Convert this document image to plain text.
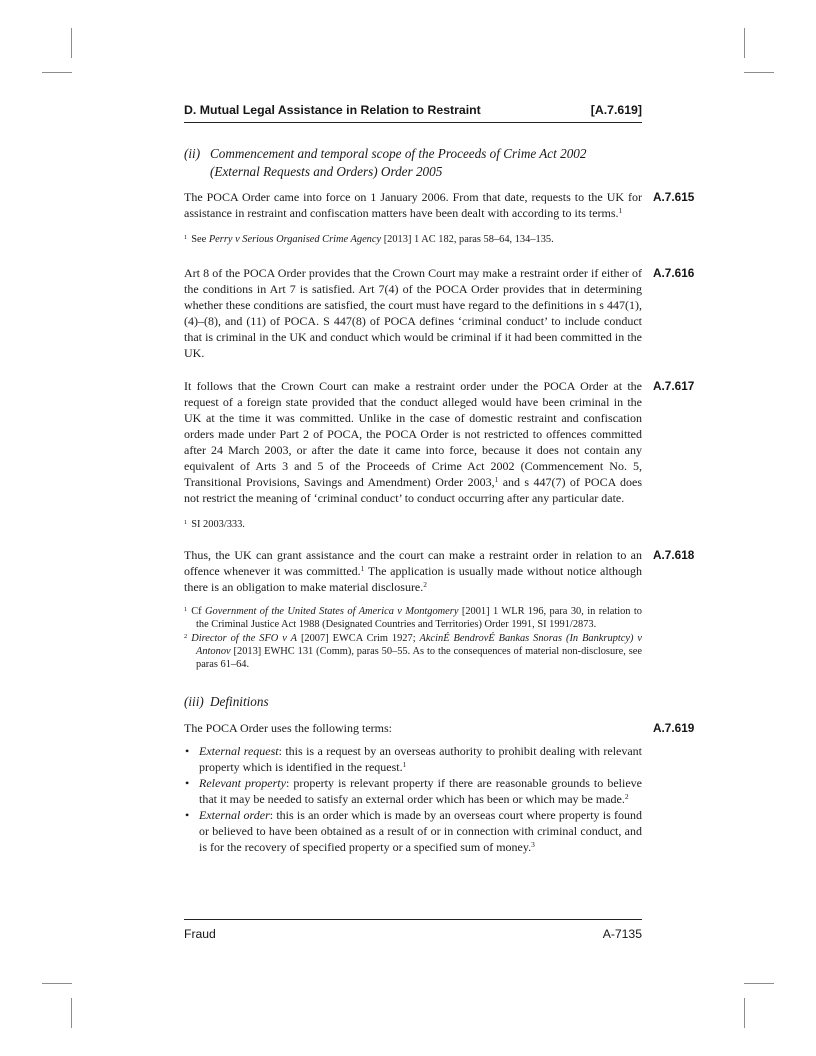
D. Mutual Legal Assistance in Relation to Restraint	[A.7.619]
(ii) Commencement and temporal scope of the Proceeds of Crime Act 2002
(External Requests and Orders) Order 2005
A.7.615
The POCA Order came into force on 1 January 2006. From that date, requests to the UK for assistance in restraint and confiscation matters have been dealt with according to its terms.$^1$
$^1$ See Perry v Serious Organised Crime Agency [2013] 1 AC 182, paras 58–64, 134–135.
A.7.616
Art 8 of the POCA Order provides that the Crown Court may make a restraint order if either of the conditions in Art 7 is satisfied. Art 7(4) of the POCA Order provides that in determining whether these conditions are satisfied, the court must have regard to the definitions in s 447(1), (4)–(8), and (11) of POCA. S 447(8) of POCA defines ‘criminal conduct’ to include conduct that is criminal in the UK and conduct which would be criminal if it had been committed in the UK.
A.7.617
It follows that the Crown Court can make a restraint order under the POCA Order at the request of a foreign state provided that the conduct alleged would have been criminal in the UK at the time it was committed. Unlike in the case of domestic restraint and confiscation orders made under Part 2 of POCA, the POCA Order is not restricted to offences committed after 24 March 2003, or after the date it came into force, because it does not contain any equivalent of Arts 3 and 5 of the Proceeds of Crime Act 2002 (Commencement No. 5, Transitional Provisions, Savings and Amendment) Order 2003,$^1$ and s 447(7) of POCA does not restrict the meaning of ‘criminal conduct’ to conduct occurring after any particular date.
$^1$ SI 2003/333.
A.7.618
Thus, the UK can grant assistance and the court can make a restraint order in relation to an offence whenever it was committed.$^1$ The application is usually made without notice although there is an obligation to make material disclosure.$^2$
$^1$ Cf Government of the United States of America v Montgomery [2001] 1 WLR 196, para 30, in relation to the Criminal Justice Act 1988 (Designated Countries and Territories) Order 1991, SI 1991/2873.
$^2$ Director of the SFO v A [2007] EWCA Crim 1927; AkcinÉ BendrovÉ Bankas Snoras (In Bankruptcy) v Antonov [2013] EWHC 131 (Comm), paras 50–55. As to the consequences of material non-disclosure, see paras 61–64.
(iii) Definitions
A.7.619
The POCA Order uses the following terms:
• External request: this is a request by an overseas authority to prohibit dealing with relevant property which is identified in the request.$^1$
• Relevant property: property is relevant property if there are reasonable grounds to believe that it may be needed to satisfy an external order which has been or which may be made.$^2$
• External order: this is an order which is made by an overseas court where property is found or believed to have been obtained as a result of or in connection with criminal conduct, and is for the recovery of specified property or a specified sum of money.$^3$
Fraud	A-7135
